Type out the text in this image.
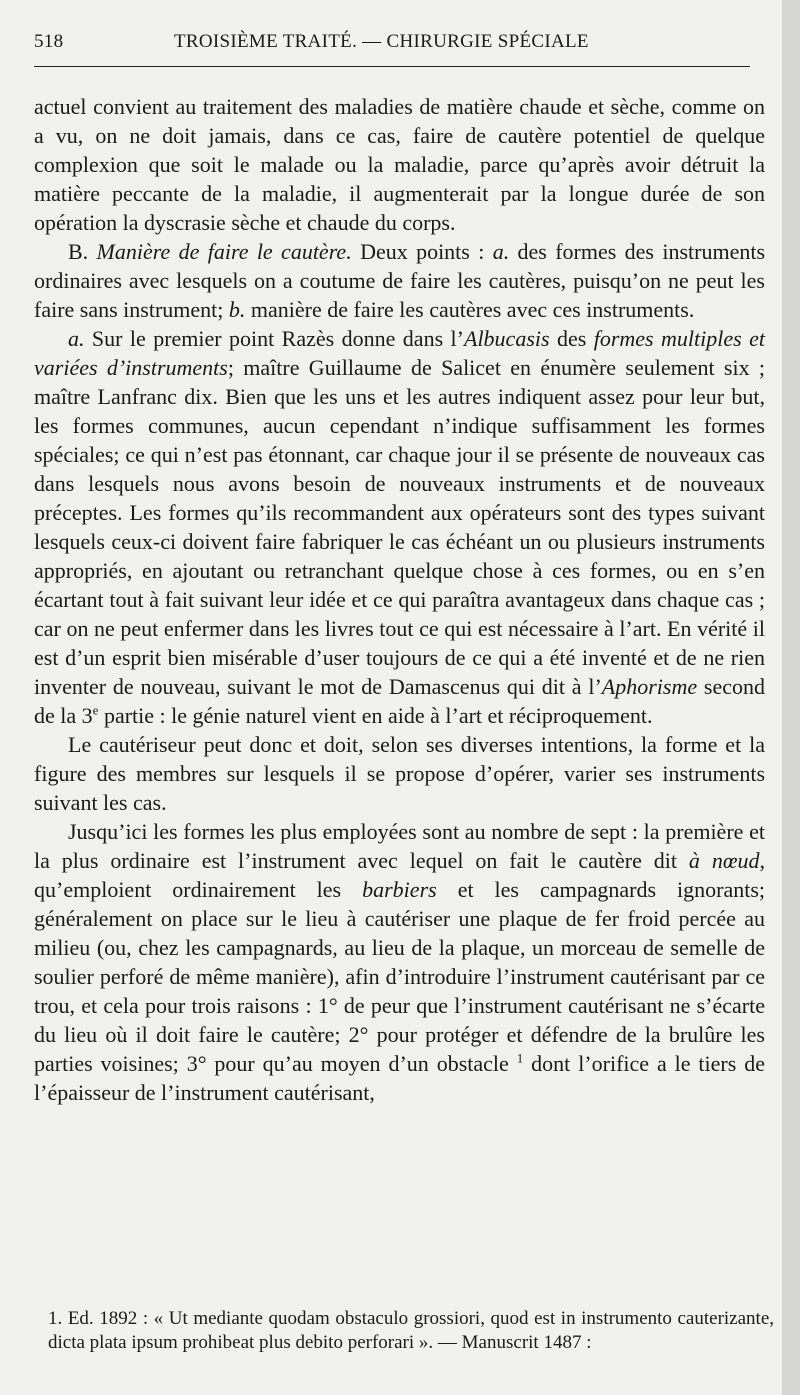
518	TROISIÈME TRAITÉ. — CHIRURGIE SPÉCIALE

actuel convient au traitement des maladies de matière chaude et sèche, comme on a vu, on ne doit jamais, dans ce cas, faire de cautère potentiel de quelque complexion que soit le malade ou la maladie, parce qu’après avoir détruit la matière peccante de la maladie, il augmenterait par la longue durée de son opération la dyscrasie sèche et chaude du corps.

B. Manière de faire le cautère. Deux points : a. des formes des instruments ordinaires avec lesquels on a coutume de faire les cautères, puisqu’on ne peut les faire sans instrument; b. manière de faire les cautères avec ces instruments.

a. Sur le premier point Razès donne dans l’Albucasis des formes multiples et variées d’instruments; maître Guillaume de Salicet en énumère seulement six ; maître Lanfranc dix. Bien que les uns et les autres indiquent assez pour leur but, les formes communes, aucun cependant n’indique suffisamment les formes spéciales; ce qui n’est pas étonnant, car chaque jour il se présente de nouveaux cas dans lesquels nous avons besoin de nouveaux instruments et de nouveaux préceptes. Les formes qu’ils recommandent aux opérateurs sont des types suivant lesquels ceux-ci doivent faire fabriquer le cas échéant un ou plusieurs instruments appropriés, en ajoutant ou retranchant quelque chose à ces formes, ou en s’en écartant tout à fait suivant leur idée et ce qui paraîtra avantageux dans chaque cas ; car on ne peut enfermer dans les livres tout ce qui est nécessaire à l’art. En vérité il est d’un esprit bien misérable d’user toujours de ce qui a été inventé et de ne rien inventer de nouveau, suivant le mot de Damascenus qui dit à l’Aphorisme second de la 3e partie : le génie naturel vient en aide à l’art et réciproquement.

Le cautériseur peut donc et doit, selon ses diverses intentions, la forme et la figure des membres sur lesquels il se propose d’opérer, varier ses instruments suivant les cas.

Jusqu’ici les formes les plus employées sont au nombre de sept : la première et la plus ordinaire est l’instrument avec lequel on fait le cautère dit à nœud, qu’emploient ordinairement les barbiers et les campagnards ignorants; généralement on place sur le lieu à cautériser une plaque de fer froid percée au milieu (ou, chez les campagnards, au lieu de la plaque, un morceau de semelle de soulier perforé de même manière), afin d’introduire l’instrument cautérisant par ce trou, et cela pour trois raisons : 1° de peur que l’instrument cautérisant ne s’écarte du lieu où il doit faire le cautère; 2° pour protéger et défendre de la brulûre les parties voisines; 3° pour qu’au moyen d’un obstacle $^1$ dont l’orifice a le tiers de l’épaisseur de l’instrument cautérisant,

1. Ed. 1892 : « Ut mediante quodam obstaculo grossiori, quod est in instrumento cauterizante, dicta plata ipsum prohibeat plus debito perforari ». — Manuscrit 1487 :
